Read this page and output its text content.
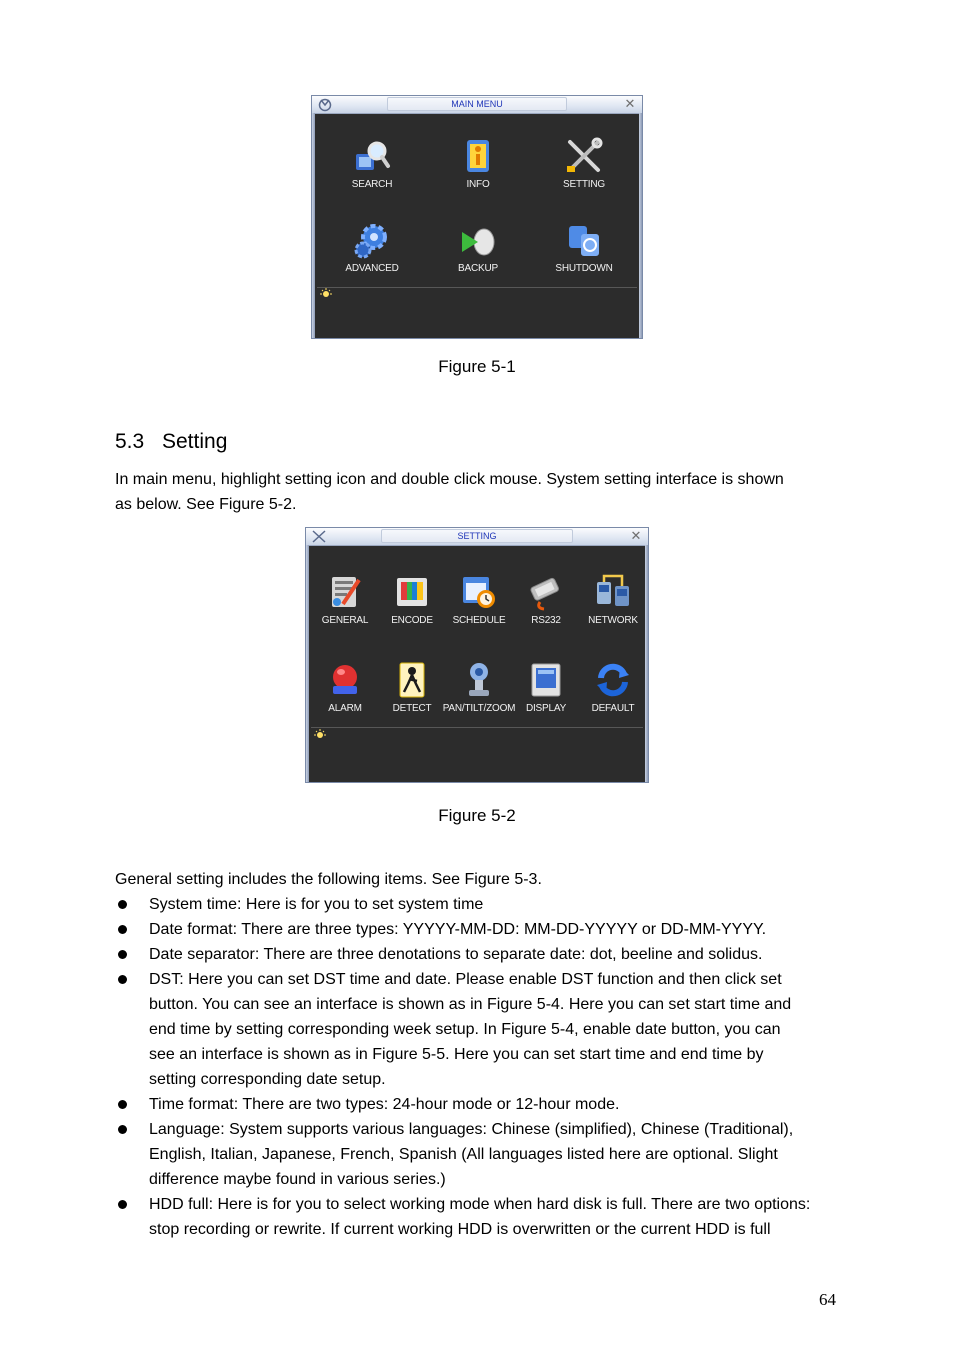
MAIN MENU	✕
SEARCH	INFO	SETTING
ADVANCED	BACKUP	SHUTDOWN
Figure 5-1
5.3 Setting
In main menu, highlight setting icon and double click mouse. System setting interface is shown
as below. See Figure 5-2.
SETTING	✕
GENERAL	ENCODE	SCHEDULE	RS232	NETWORK
ALARM	DETECT	PAN/TILT/ZOOM	DISPLAY	DEFAULT
Figure 5-2
General setting includes the following items. See Figure 5-3.
System time: Here is for you to set system time
Date format: There are three types: YYYYY-MM-DD: MM-DD-YYYYY or DD-MM-YYYY.
Date separator: There are three denotations to separate date: dot, beeline and solidus.
DST: Here you can set DST time and date. Please enable DST function and then click set
button. You can see an interface is shown as in Figure 5-4. Here you can set start time and
end time by setting corresponding week setup. In Figure 5-4, enable date button, you can
see an interface is shown as in Figure 5-5. Here you can set start time and end time by
setting corresponding date setup.
Time format: There are two types: 24-hour mode or 12-hour mode.
Language: System supports various languages: Chinese (simplified), Chinese (Traditional),
English, Italian, Japanese, French, Spanish (All languages listed here are optional. Slight
difference maybe found in various series.)
HDD full: Here is for you to select working mode when hard disk is full. There are two options:
stop recording or rewrite. If current working HDD is overwritten or the current HDD is full
64
